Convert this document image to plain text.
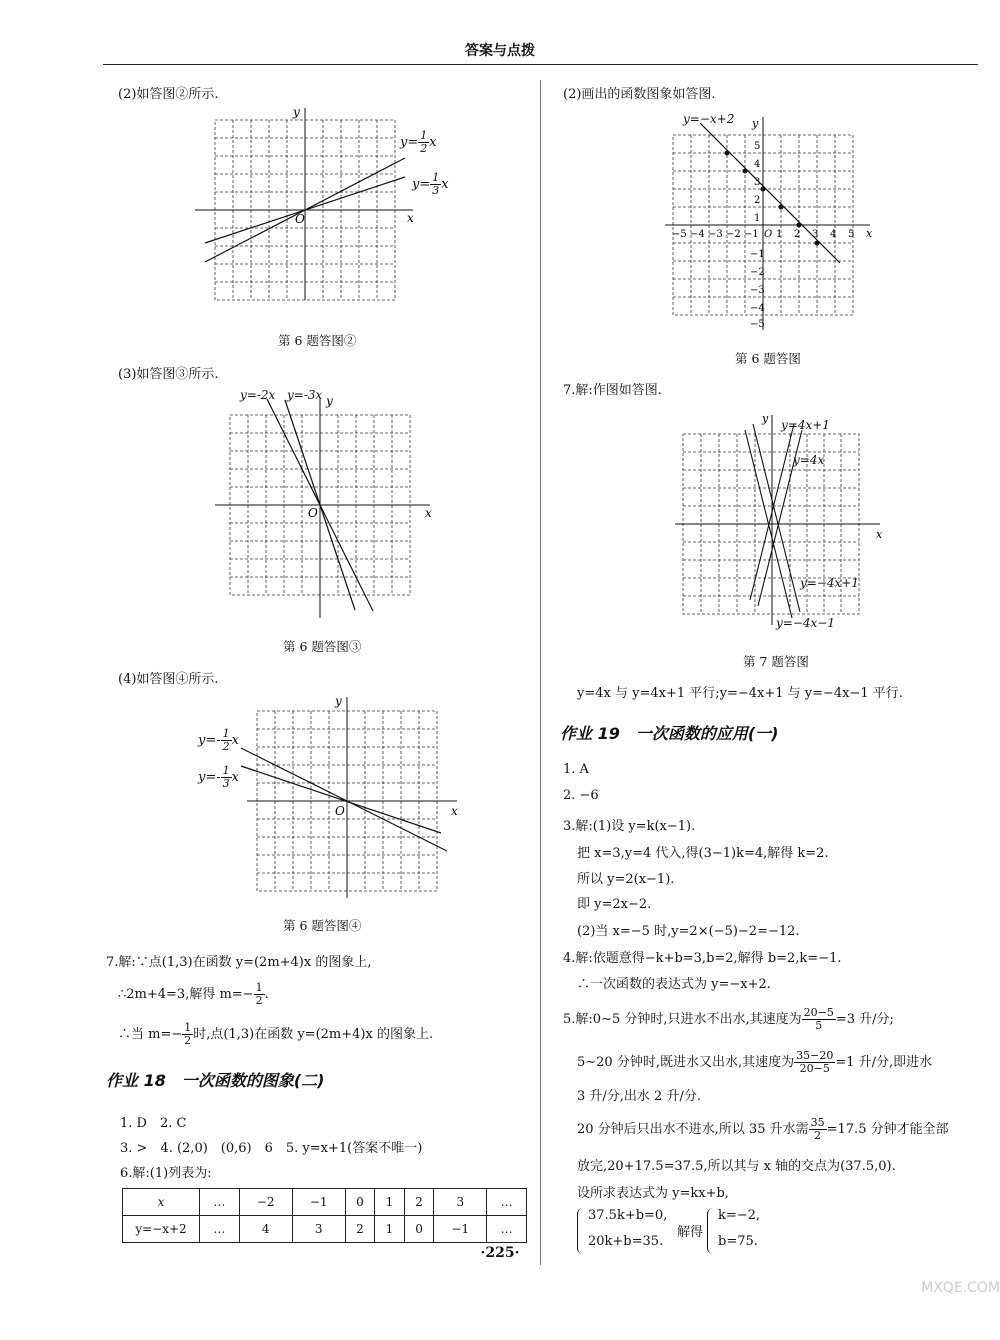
答案与点拨
(2)如答图②所示.
x
y
O
$y= \frac{1}{2}$ x
$y= \frac{1}{3}$ x
第 6 题答图②
(3)如答图③所示.
x
y
O
y=-2x y=-3x
第 6 题答图③
(4)如答图④所示.
x
y
O
$y=- \frac{1}{2}$ x
$y=- \frac{1}{3}$ x
第 6 题答图④
7.解:∵点(1,3)在函数 y=(2m+4)x 的图象上,
∴2m+4=3,解得 $m=- \frac{1}{2}$ .
∴当 $m=- \frac{1}{2}$ 时,点(1,3)在函数 y=(2m+4)x 的图象上.
作业 18　一次函数的图象(二)
1. D　2. C
3. >　4. (2,0)　(0,6)　6　5. y=x+1(答案不唯一)
6.解:(1)列表为:
x	…	−2	−1	0	1	2	3	…
y=−x+2	…	4	3	2	1	0	−1	…
(2)画出的函数图象如答图.
x
y
−5 −4 −3 −2 −1 O 1 2 3 4 5
5
4
3
2
1
−1
−2
−3
−4
−5
y=−x+2
第 6 题答图
7.解:作图如答图.
x
y y=4x+1
y=4x
y=−4x+1
y=−4x−1
第 7 题答图
y=4x 与 y=4x+1 平行;y=−4x+1 与 y=−4x−1 平行.
作业 19　一次函数的应用(一)
1. A
2. −6
3.解:(1)设 y=k(x−1).
把 x=3,y=4 代入,得(3−1)k=4,解得 k=2.
所以 y=2(x−1).
即 y=2x−2.
(2)当 x=−5 时,y=2×(−5)−2=−12.
4.解:依题意得−k+b=3,b=2,解得 b=2,k=−1.
∴一次函数的表达式为 y=−x+2.
5.解:0∼5 分钟时,只进水不出水,其速度为 $\frac{20-5}{5} =3$ 升/分;
5∼20 分钟时,既进水又出水,其速度为 $\frac{35-20}{20-5} =1$ 升/分,即进水
3 升/分,出水 2 升/分.
20 分钟后只出水不进水,所以 35 升水需 $\frac{35}{2} =17.5$ 分钟才能全部
放完,20+17.5=37.5,所以其与 x 轴的交点为(37.5,0).
设所求表达式为 y=kx+b,
37.5k+b=0,
20k+b=35.
解得
k=−2,
b=75.
·225·
MXQE.COM
